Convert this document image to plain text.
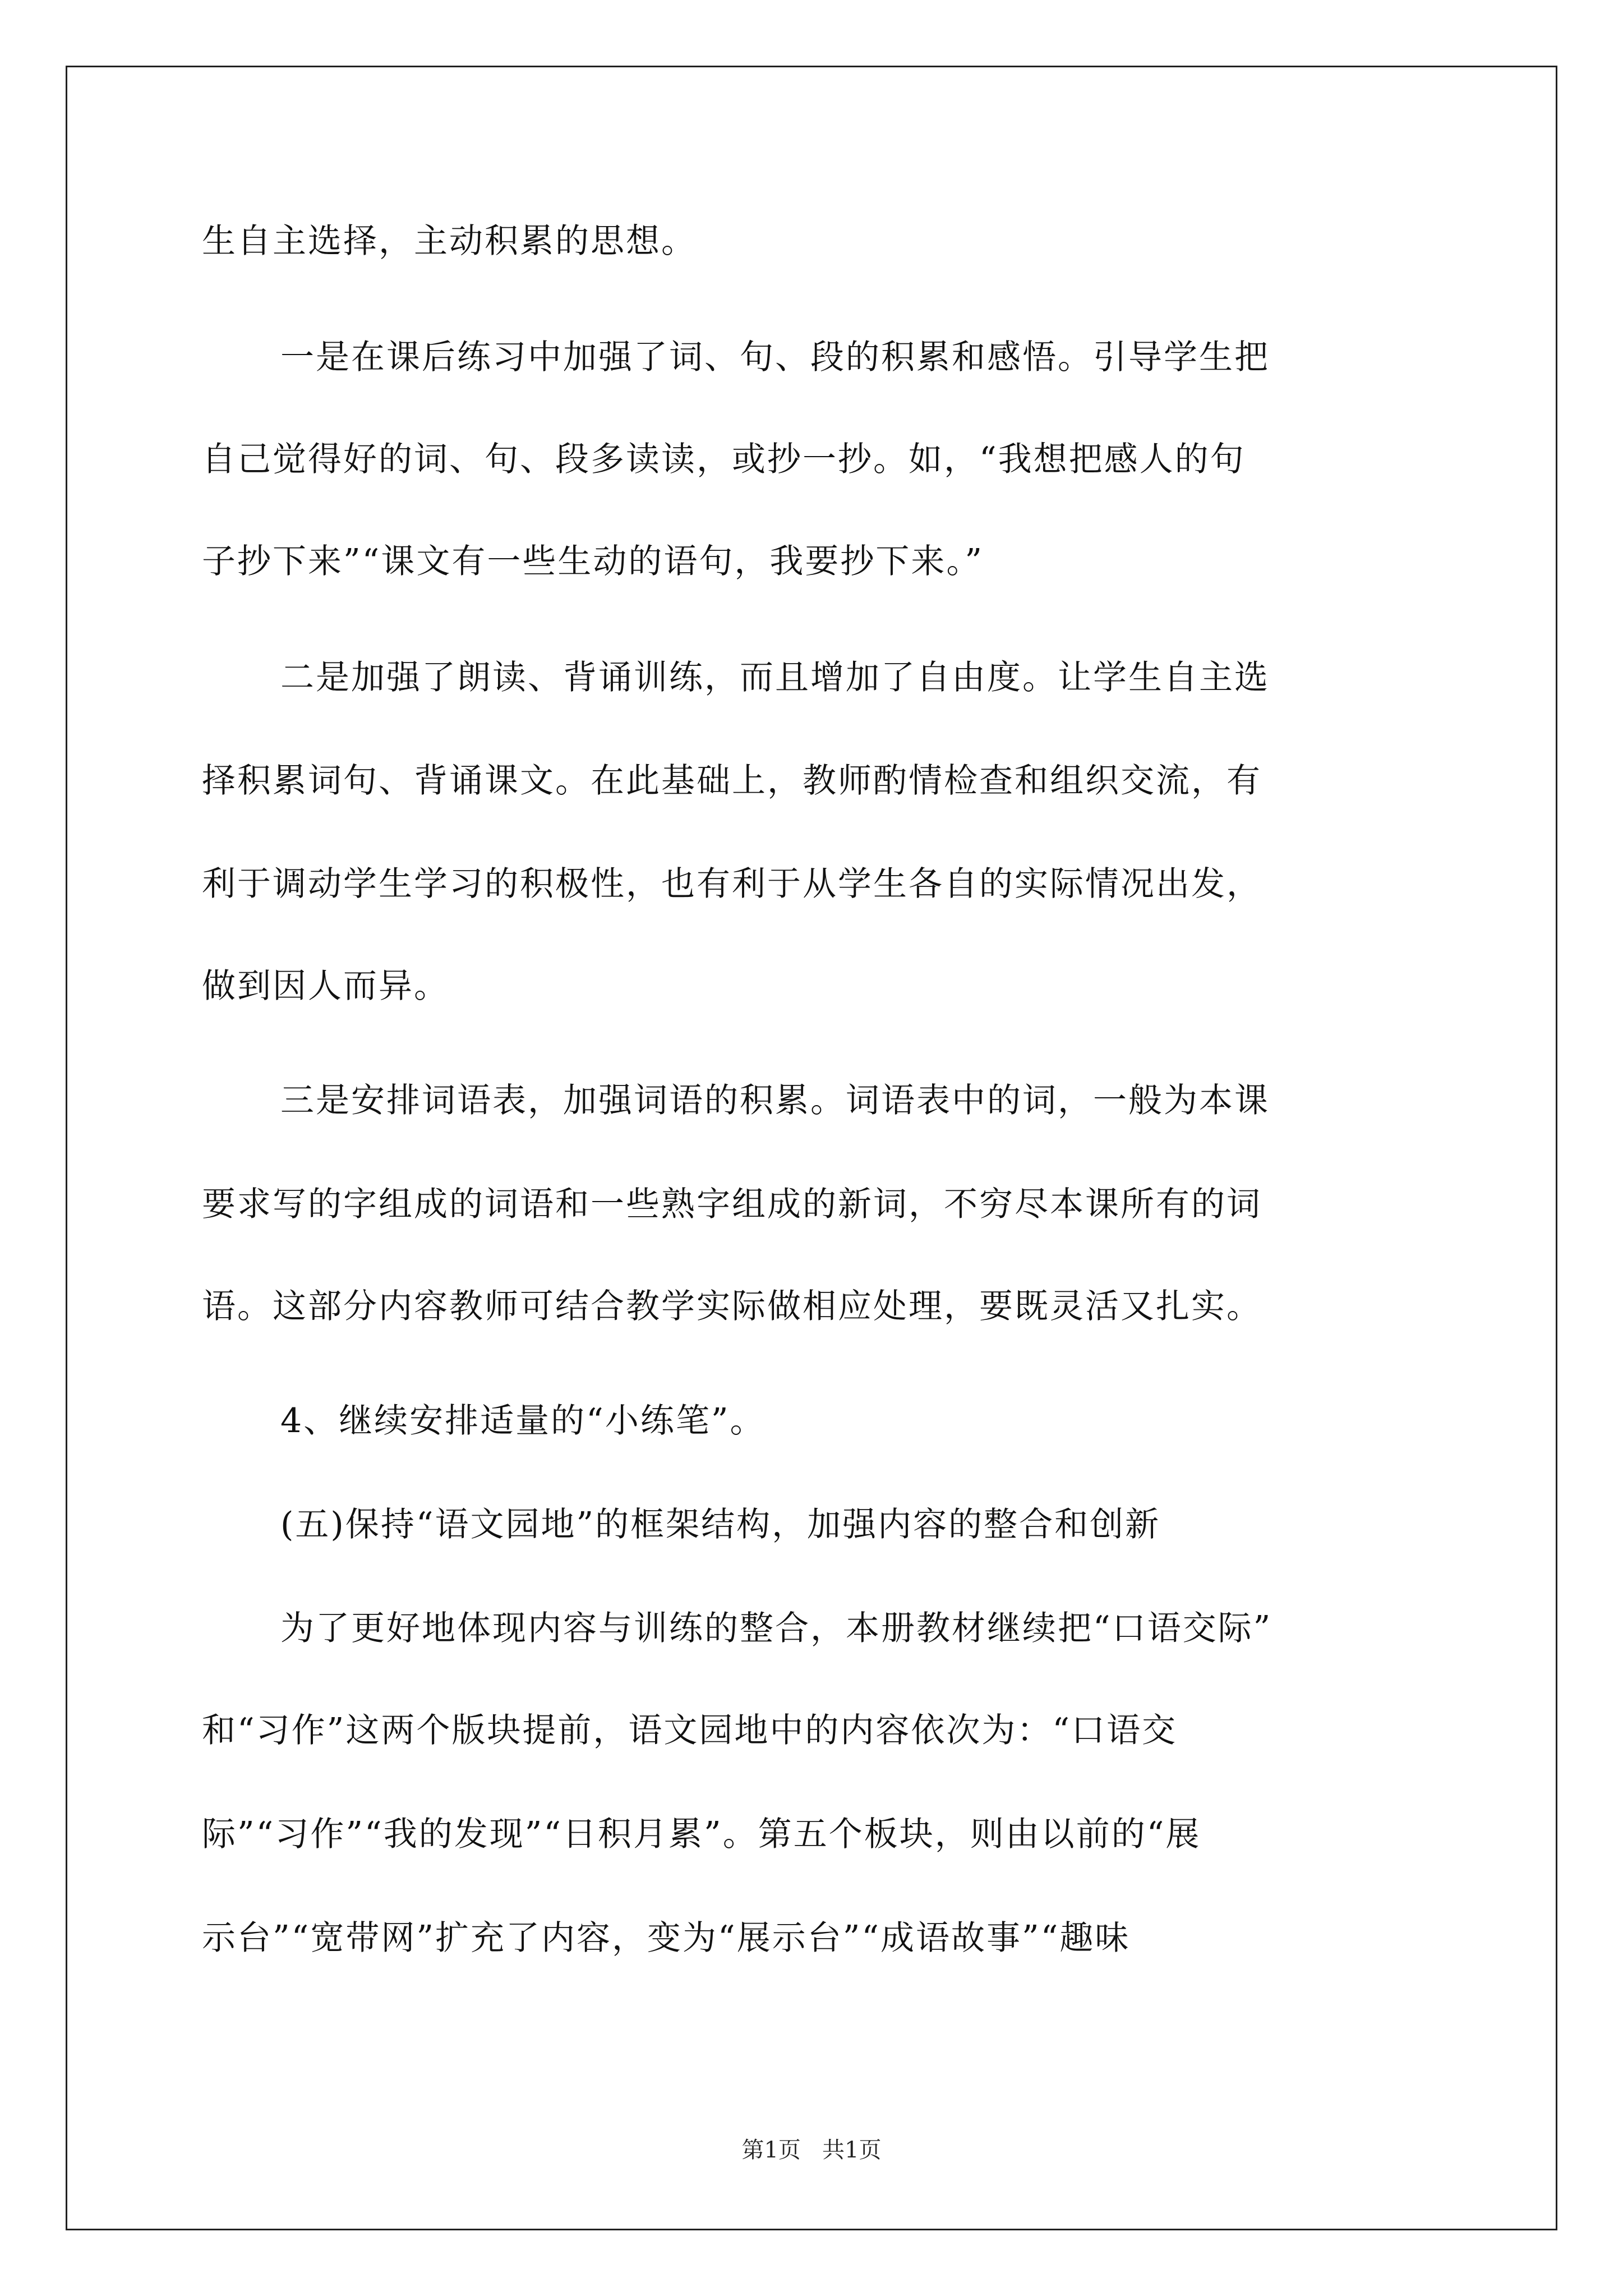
生自主选择，主动积累的思想。

一是在课后练习中加强了词、句、段的积累和感悟。引导学生把

自己觉得好的词、句、段多读读，或抄一抄。如，“我想把感人的句

子抄下来”“课文有一些生动的语句，我要抄下来。”

二是加强了朗读、背诵训练，而且增加了自由度。让学生自主选

择积累词句、背诵课文。在此基础上，教师酌情检查和组织交流，有

利于调动学生学习的积极性，也有利于从学生各自的实际情况出发，

做到因人而异。

三是安排词语表，加强词语的积累。词语表中的词，一般为本课

要求写的字组成的词语和一些熟字组成的新词，不穷尽本课所有的词

语。这部分内容教师可结合教学实际做相应处理，要既灵活又扎实。

4、继续安排适量的“小练笔”。

(五)保持“语文园地”的框架结构，加强内容的整合和创新

为了更好地体现内容与训练的整合，本册教材继续把“口语交际”

和“习作”这两个版块提前，语文园地中的内容依次为：“口语交

际”“习作”“我的发现”“日积月累”。第五个板块，则由以前的“展

示台”“宽带网”扩充了内容，变为“展示台”“成语故事”“趣味

第1页   共1页
